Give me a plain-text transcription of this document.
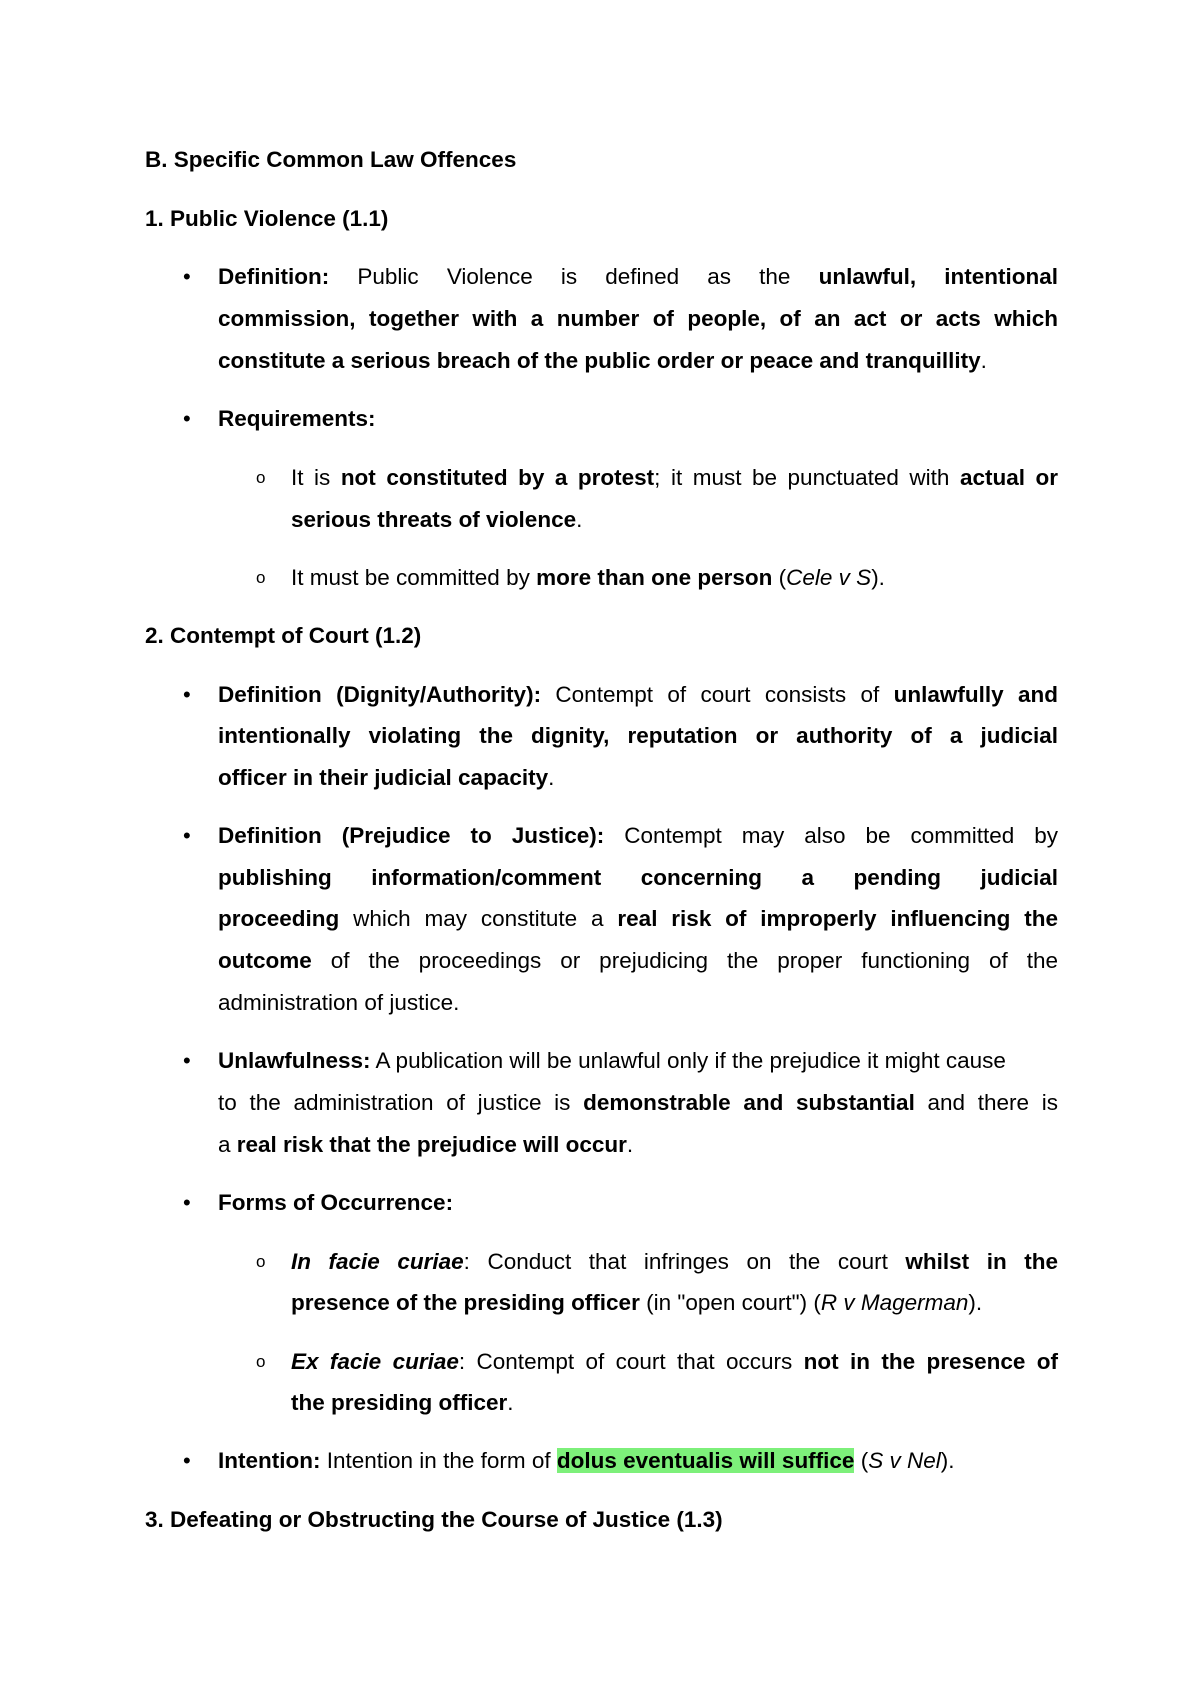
B. Specific Common Law Offences
1. Public Violence (1.1)
• Definition: Public Violence is defined as the unlawful, intentional
commission, together with a number of people, of an act or acts which
constitute a serious breach of the public order or peace and tranquillity.
• Requirements:
o It is not constituted by a protest; it must be punctuated with actual or
serious threats of violence.
o It must be committed by more than one person (Cele v S).
2. Contempt of Court (1.2)
• Definition (Dignity/Authority): Contempt of court consists of unlawfully and
intentionally violating the dignity, reputation or authority of a judicial
officer in their judicial capacity.
• Definition (Prejudice to Justice): Contempt may also be committed by
publishing information/comment concerning a pending judicial
proceeding which may constitute a real risk of improperly influencing the
outcome of the proceedings or prejudicing the proper functioning of the
administration of justice.
• Unlawfulness: A publication will be unlawful only if the prejudice it might cause
to the administration of justice is demonstrable and substantial and there is
a real risk that the prejudice will occur.
• Forms of Occurrence:
o In facie curiae: Conduct that infringes on the court whilst in the
presence of the presiding officer (in "open court") (R v Magerman).
o Ex facie curiae: Contempt of court that occurs not in the presence of
the presiding officer.
• Intention: Intention in the form of dolus eventualis will suffice (S v Nel).
3. Defeating or Obstructing the Course of Justice (1.3)
